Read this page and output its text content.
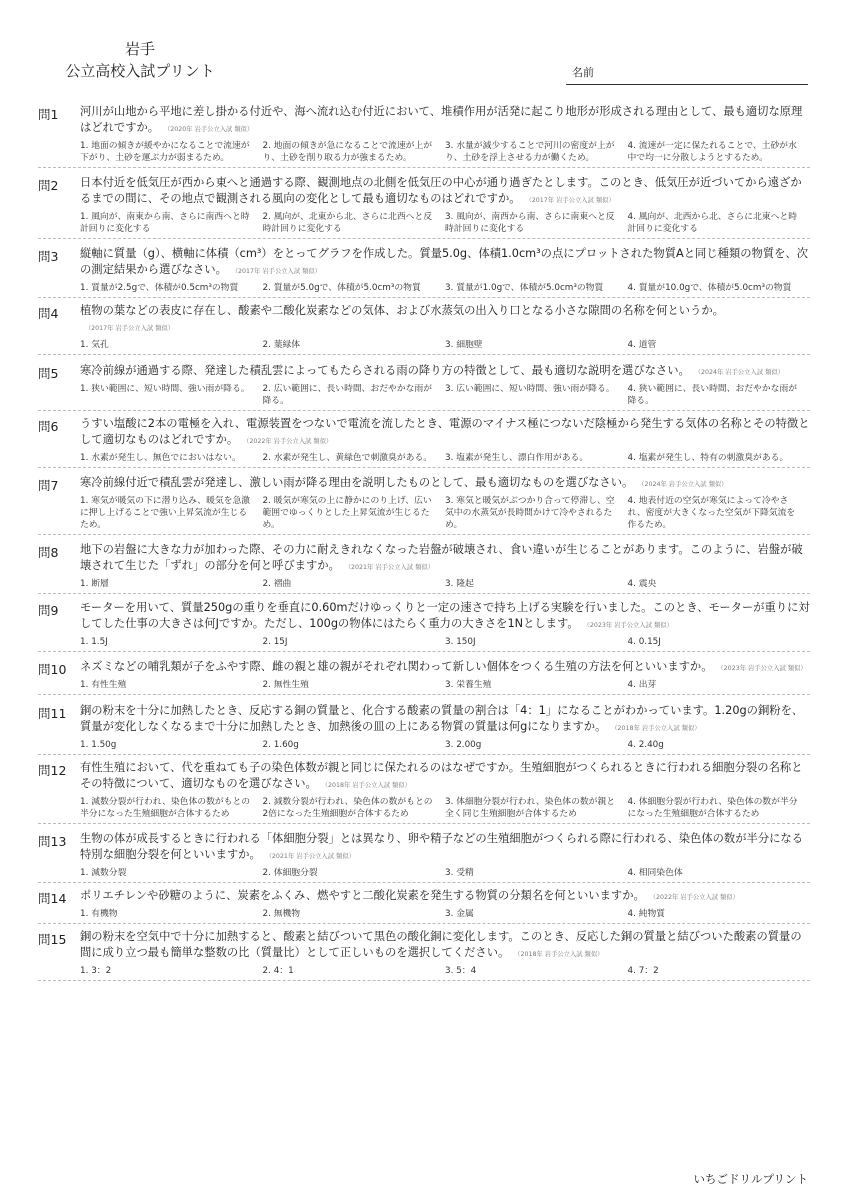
岩手
公立高校入試プリント	名前
問1	河川が山地から平地に差し掛かる付近や、海へ流れ込む付近において、堆積作用が活発に起こり地形が形成される理由として、最も適切な原理はどれですか。 （2020年 岩手公立入試 類似）
1. 地面の傾きが緩やかになることで流速が下がり、土砂を運ぶ力が弱まるため。
2. 地面の傾きが急になることで流速が上がり、土砂を削り取る力が強まるため。
3. 水量が減少することで河川の密度が上がり、土砂を浮上させる力が働くため。
4. 流速が一定に保たれることで、土砂が水中で均一に分散しようとするため。
問2	日本付近を低気圧が西から東へと通過する際、観測地点の北側を低気圧の中心が通り過ぎたとします。このとき、低気圧が近づいてから遠ざかるまでの間に、その地点で観測される風向の変化として最も適切なものはどれですか。 （2017年 岩手公立入試 類似）
1. 風向が、南東から南、さらに南西へと時計回りに変化する
2. 風向が、北東から北、さらに北西へと反時計回りに変化する
3. 風向が、南西から南、さらに南東へと反時計回りに変化する
4. 風向が、北西から北、さらに北東へと時計回りに変化する
問3	縦軸に質量（g）、横軸に体積（cm³）をとってグラフを作成した。質量5.0g、体積1.0cm³の点にプロットされた物質Aと同じ種類の物質を、次の測定結果から選びなさい。 （2017年 岩手公立入試 類似）
1. 質量が2.5gで、体積が0.5cm³の物質	2. 質量が5.0gで、体積が5.0cm³の物質	3. 質量が1.0gで、体積が5.0cm³の物質	4. 質量が10.0gで、体積が5.0cm³の物質
問4	植物の葉などの表皮に存在し、酸素や二酸化炭素などの気体、および水蒸気の出入り口となる小さな隙間の名称を何というか。（2017年 岩手公立入試 類似）
1. 気孔	2. 葉緑体	3. 細胞壁	4. 道管
問5	寒冷前線が通過する際、発達した積乱雲によってもたらされる雨の降り方の特徴として、最も適切な説明を選びなさい。 （2024年 岩手公立入試 類似）
1. 狭い範囲に、短い時間、強い雨が降る。	2. 広い範囲に、長い時間、おだやかな雨が降る。
3. 広い範囲に、短い時間、強い雨が降る。	4. 狭い範囲に、長い時間、おだやかな雨が降る。
問6	うすい塩酸に2本の電極を入れ、電源装置をつないで電流を流したとき、電源のマイナス極につないだ陰極から発生する気体の名称とその特徴として適切なものはどれですか。 （2022年 岩手公立入試 類似）
1. 水素が発生し、無色でにおいはない。	2. 水素が発生し、黄緑色で刺激臭がある。	3. 塩素が発生し、漂白作用がある。	4. 塩素が発生し、特有の刺激臭がある。
問7	寒冷前線付近で積乱雲が発達し、激しい雨が降る理由を説明したものとして、最も適切なものを選びなさい。 （2024年 岩手公立入試 類似）
1. 寒気が暖気の下に潜り込み、暖気を急激に押し上げることで強い上昇気流が生じるため。
2. 暖気が寒気の上に静かにのり上げ、広い範囲でゆっくりとした上昇気流が生じるため。
3. 寒気と暖気がぶつかり合って停滞し、空気中の水蒸気が長時間かけて冷やされるため。
4. 地表付近の空気が寒気によって冷やされ、密度が大きくなった空気が下降気流を作るため。
問8	地下の岩盤に大きな力が加わった際、その力に耐えきれなくなった岩盤が破壊され、食い違いが生じることがあります。このように、岩盤が破壊されて生じた「ずれ」の部分を何と呼びますか。 （2021年 岩手公立入試 類似）
1. 断層	2. 褶曲	3. 隆起	4. 震央
問9	モーターを用いて、質量250gの重りを垂直に0.60mだけゆっくりと一定の速さで持ち上げる実験を行いました。このとき、モーターが重りに対してした仕事の大きさは何Jですか。ただし、100gの物体にはたらく重力の大きさを1Nとします。 （2023年 岩手公立入試 類似）
1. 1.5J	2. 15J	3. 150J	4. 0.15J
問10	ネズミなどの哺乳類が子をふやす際、雌の親と雄の親がそれぞれ関わって新しい個体をつくる生殖の方法を何といいますか。 （2023年 岩手公立入試 類似）
1. 有性生殖	2. 無性生殖	3. 栄養生殖	4. 出芽
問11	銅の粉末を十分に加熱したとき、反応する銅の質量と、化合する酸素の質量の割合は「4：1」になることがわかっています。1.20gの銅粉を、質量が変化しなくなるまで十分に加熱したとき、加熱後の皿の上にある物質の質量は何gになりますか。 （2018年 岩手公立入試 類似）
1. 1.50g	2. 1.60g	3. 2.00g	4. 2.40g
問12	有性生殖において、代を重ねても子の染色体数が親と同じに保たれるのはなぜですか。生殖細胞がつくられるときに行われる細胞分裂の名称とその特徴について、適切なものを選びなさい。 （2018年 岩手公立入試 類似）
1. 減数分裂が行われ、染色体の数がもとの半分になった生殖細胞が合体するため
2. 減数分裂が行われ、染色体の数がもとの2倍になった生殖細胞が合体するため
3. 体細胞分裂が行われ、染色体の数が親と全く同じ生殖細胞が合体するため
4. 体細胞分裂が行われ、染色体の数が半分になった生殖細胞が合体するため
問13	生物の体が成長するときに行われる「体細胞分裂」とは異なり、卵や精子などの生殖細胞がつくられる際に行われる、染色体の数が半分になる特別な細胞分裂を何といいますか。 （2021年 岩手公立入試 類似）
1. 減数分裂	2. 体細胞分裂	3. 受精	4. 相同染色体
問14	ポリエチレンや砂糖のように、炭素をふくみ、燃やすと二酸化炭素を発生する物質の分類名を何といいますか。 （2022年 岩手公立入試 類似）
1. 有機物	2. 無機物	3. 金属	4. 純物質
問15	銅の粉末を空気中で十分に加熱すると、酸素と結びついて黒色の酸化銅に変化します。このとき、反応した銅の質量と結びついた酸素の質量の間に成り立つ最も簡単な整数の比（質量比）として正しいものを選択してください。 （2018年 岩手公立入試 類似）
1. 3：2	2. 4：1	3. 5：4	4. 7：2
いちごドリルプリント
